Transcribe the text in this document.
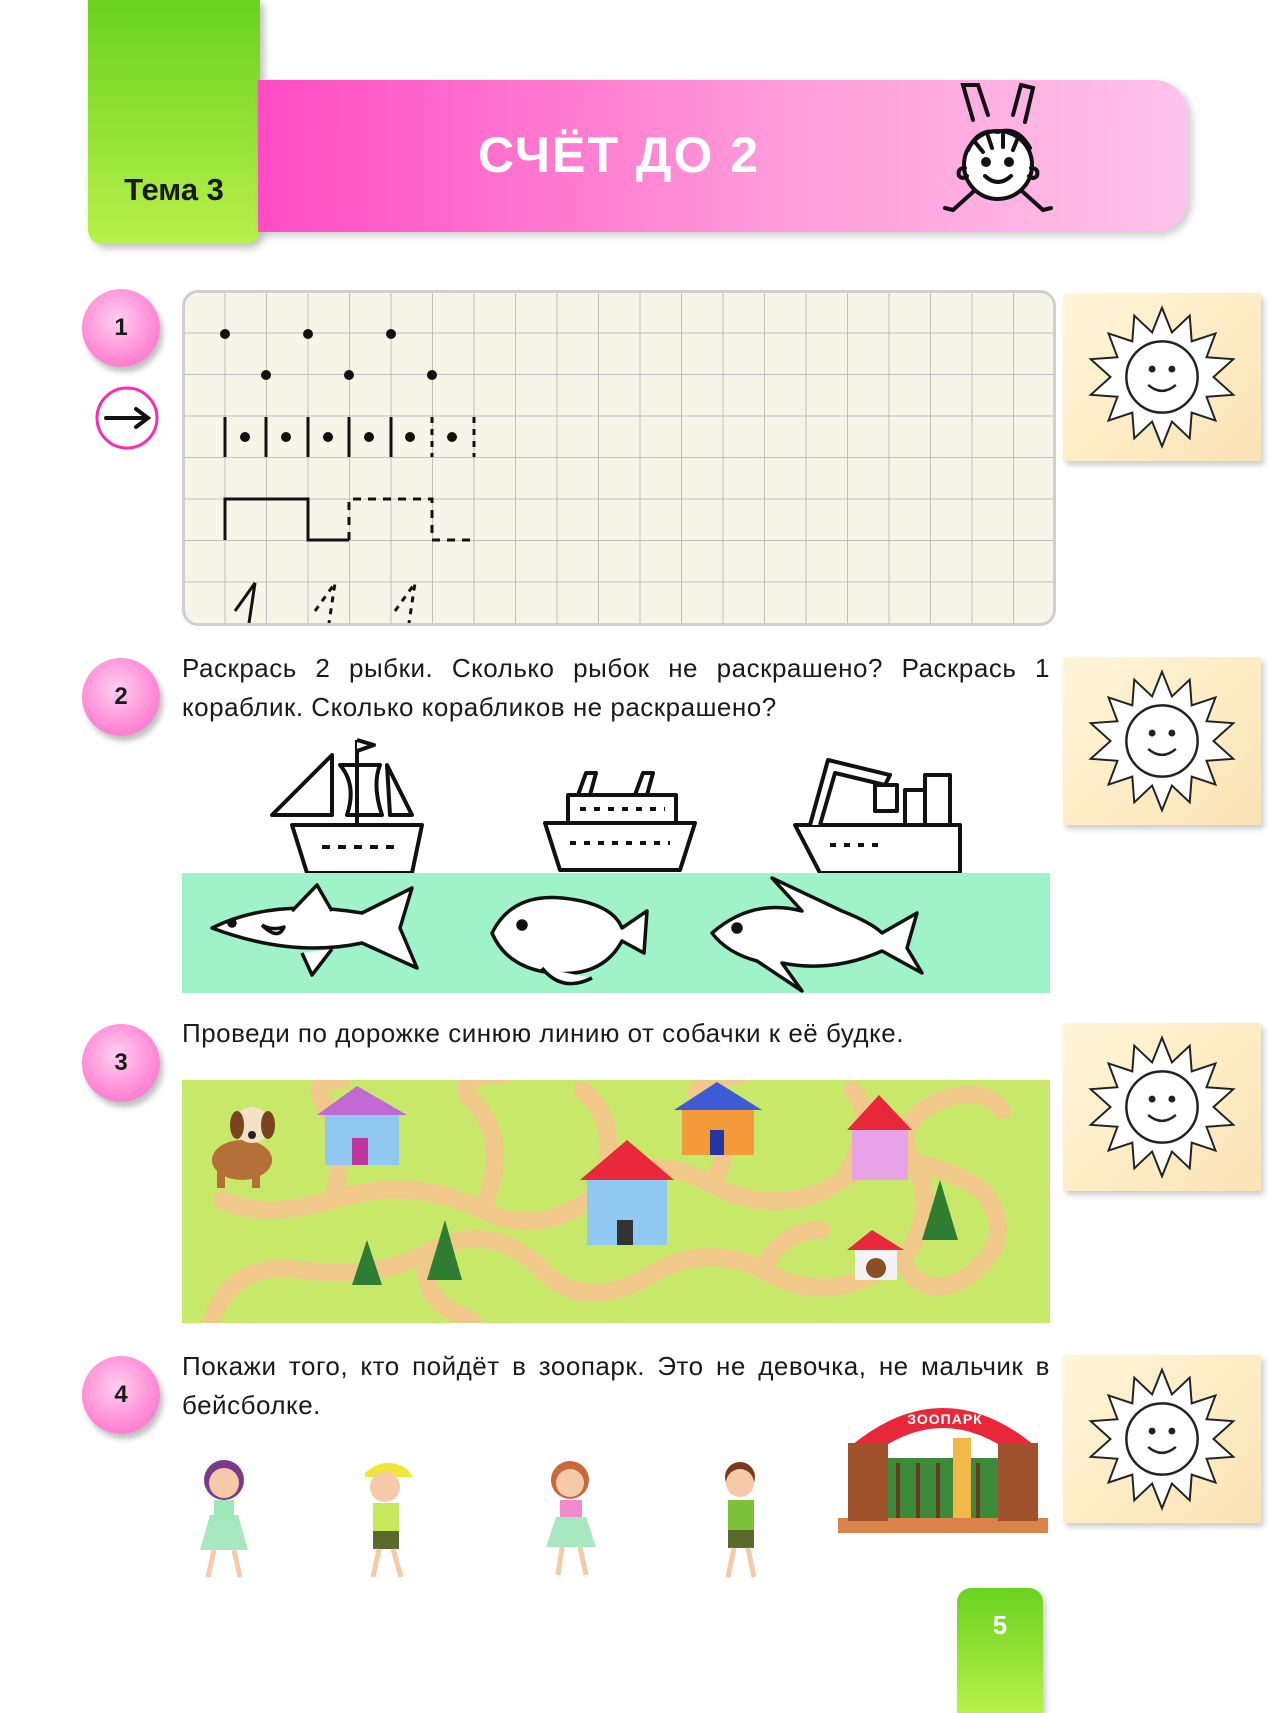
Тема 3
СЧЁТ ДО 2
1
2
Раскрась 2 рыбки. Сколько рыбок не раскрашено? Раскрась 1 кораблик. Сколько корабликов не раскрашено?
3
Проведи по дорожке синюю линию от собачки к её будке.
4
Покажи того, кто пойдёт в зоопарк. Это не девочка, не мальчик в бейсболке.	ЗООПАРК
5
